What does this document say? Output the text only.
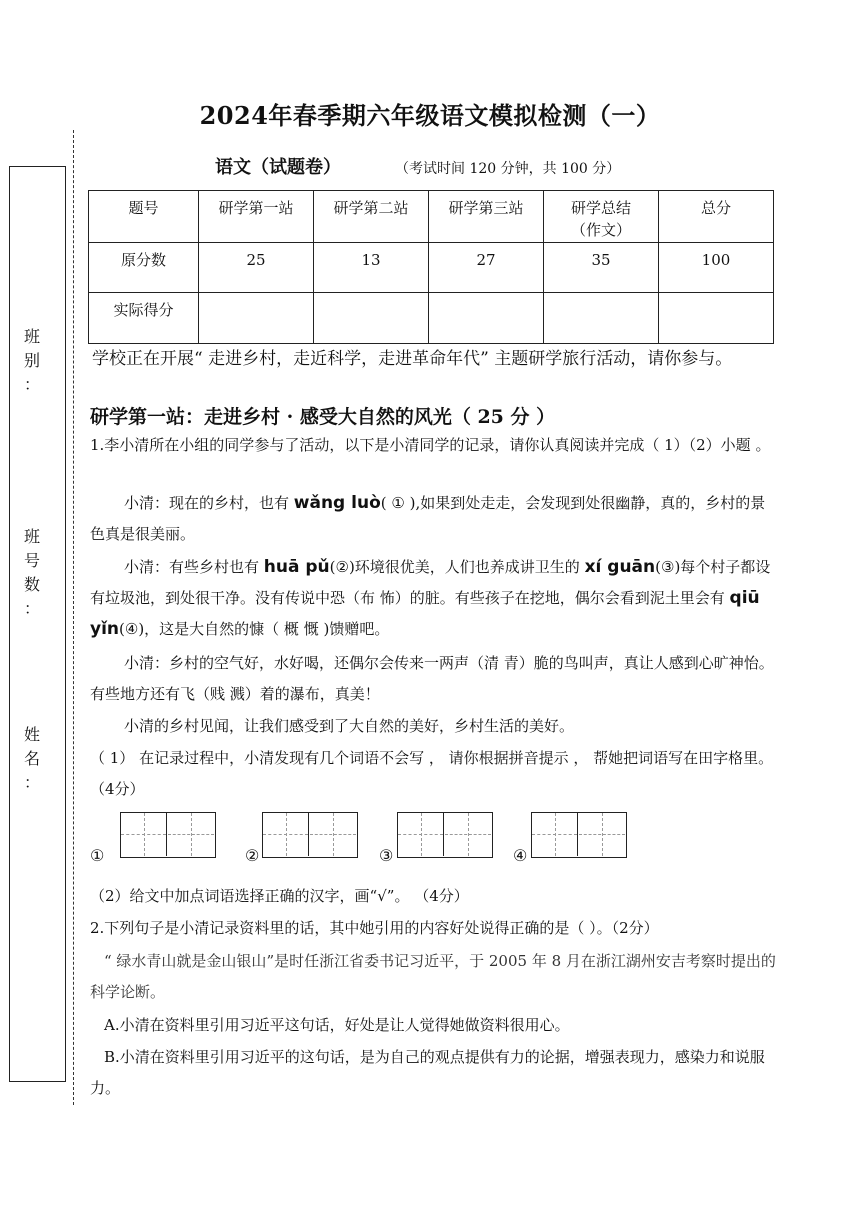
2024年春季期六年级语文模拟检测（一）
语文（试题卷）	（考试时间 120 分钟，共 100 分）
班
别
：
班
号
数
：
姓
名
：
题号	研学第一站	研学第二站	研学第三站	研学总结（作文）	总分
原分数	25	13	27	35	100
实际得分					
学校正在开展“ 走进乡村，走近科学，走进革命年代” 主题研学旅行活动，请你参与。
研学第一站：走进乡村 · 感受大自然的风光（ 25 分 ）
1.李小清所在小组的同学参与了活动，以下是小清同学的记录，请你认真阅读并完成（ 1）（2）小题 。
小清：现在的乡村，也有 wǎng luò( ① ),如果到处走走，会发现到处很幽静，真的，乡村的景色真是很美丽。
小清：有些乡村也有 huā pǔ(②)环境很优美，人们也养成讲卫生的 xí guān(③)每个村子都设有垃圾池，到处很干净。没有传说中恐（布 怖）的脏。有些孩子在挖地，偶尔会看到泥土里会有 qiū yǐn(④)，这是大自然的慷（ 概 慨 )馈赠吧。
小清：乡村的空气好，水好喝，还偶尔会传来一两声（清 青）脆的鸟叫声，真让人感到心旷神怡。有些地方还有飞（贱 溅）着的瀑布，真美！
小清的乡村见闻，让我们感受到了大自然的美好，乡村生活的美好。
（ 1） 在记录过程中，小清发现有几个词语不会写 ， 请你根据拼音提示 ， 帮她把词语写在田字格里。（4分）
①	②	③	④
（2）给文中加点词语选择正确的汉字，画“√”。 （4分）
2.下列句子是小清记录资料里的话，其中她引用的内容好处说得正确的是（ ）。（2分）
“ 绿水青山就是金山银山”是时任浙江省委书记习近平，于 2005 年 8 月在浙江湖州安吉考察时提出的科学论断。
A.小清在资料里引用习近平这句话，好处是让人觉得她做资料很用心。
B.小清在资料里引用习近平的这句话，是为自己的观点提供有力的论据，增强表现力，感染力和说服力。
